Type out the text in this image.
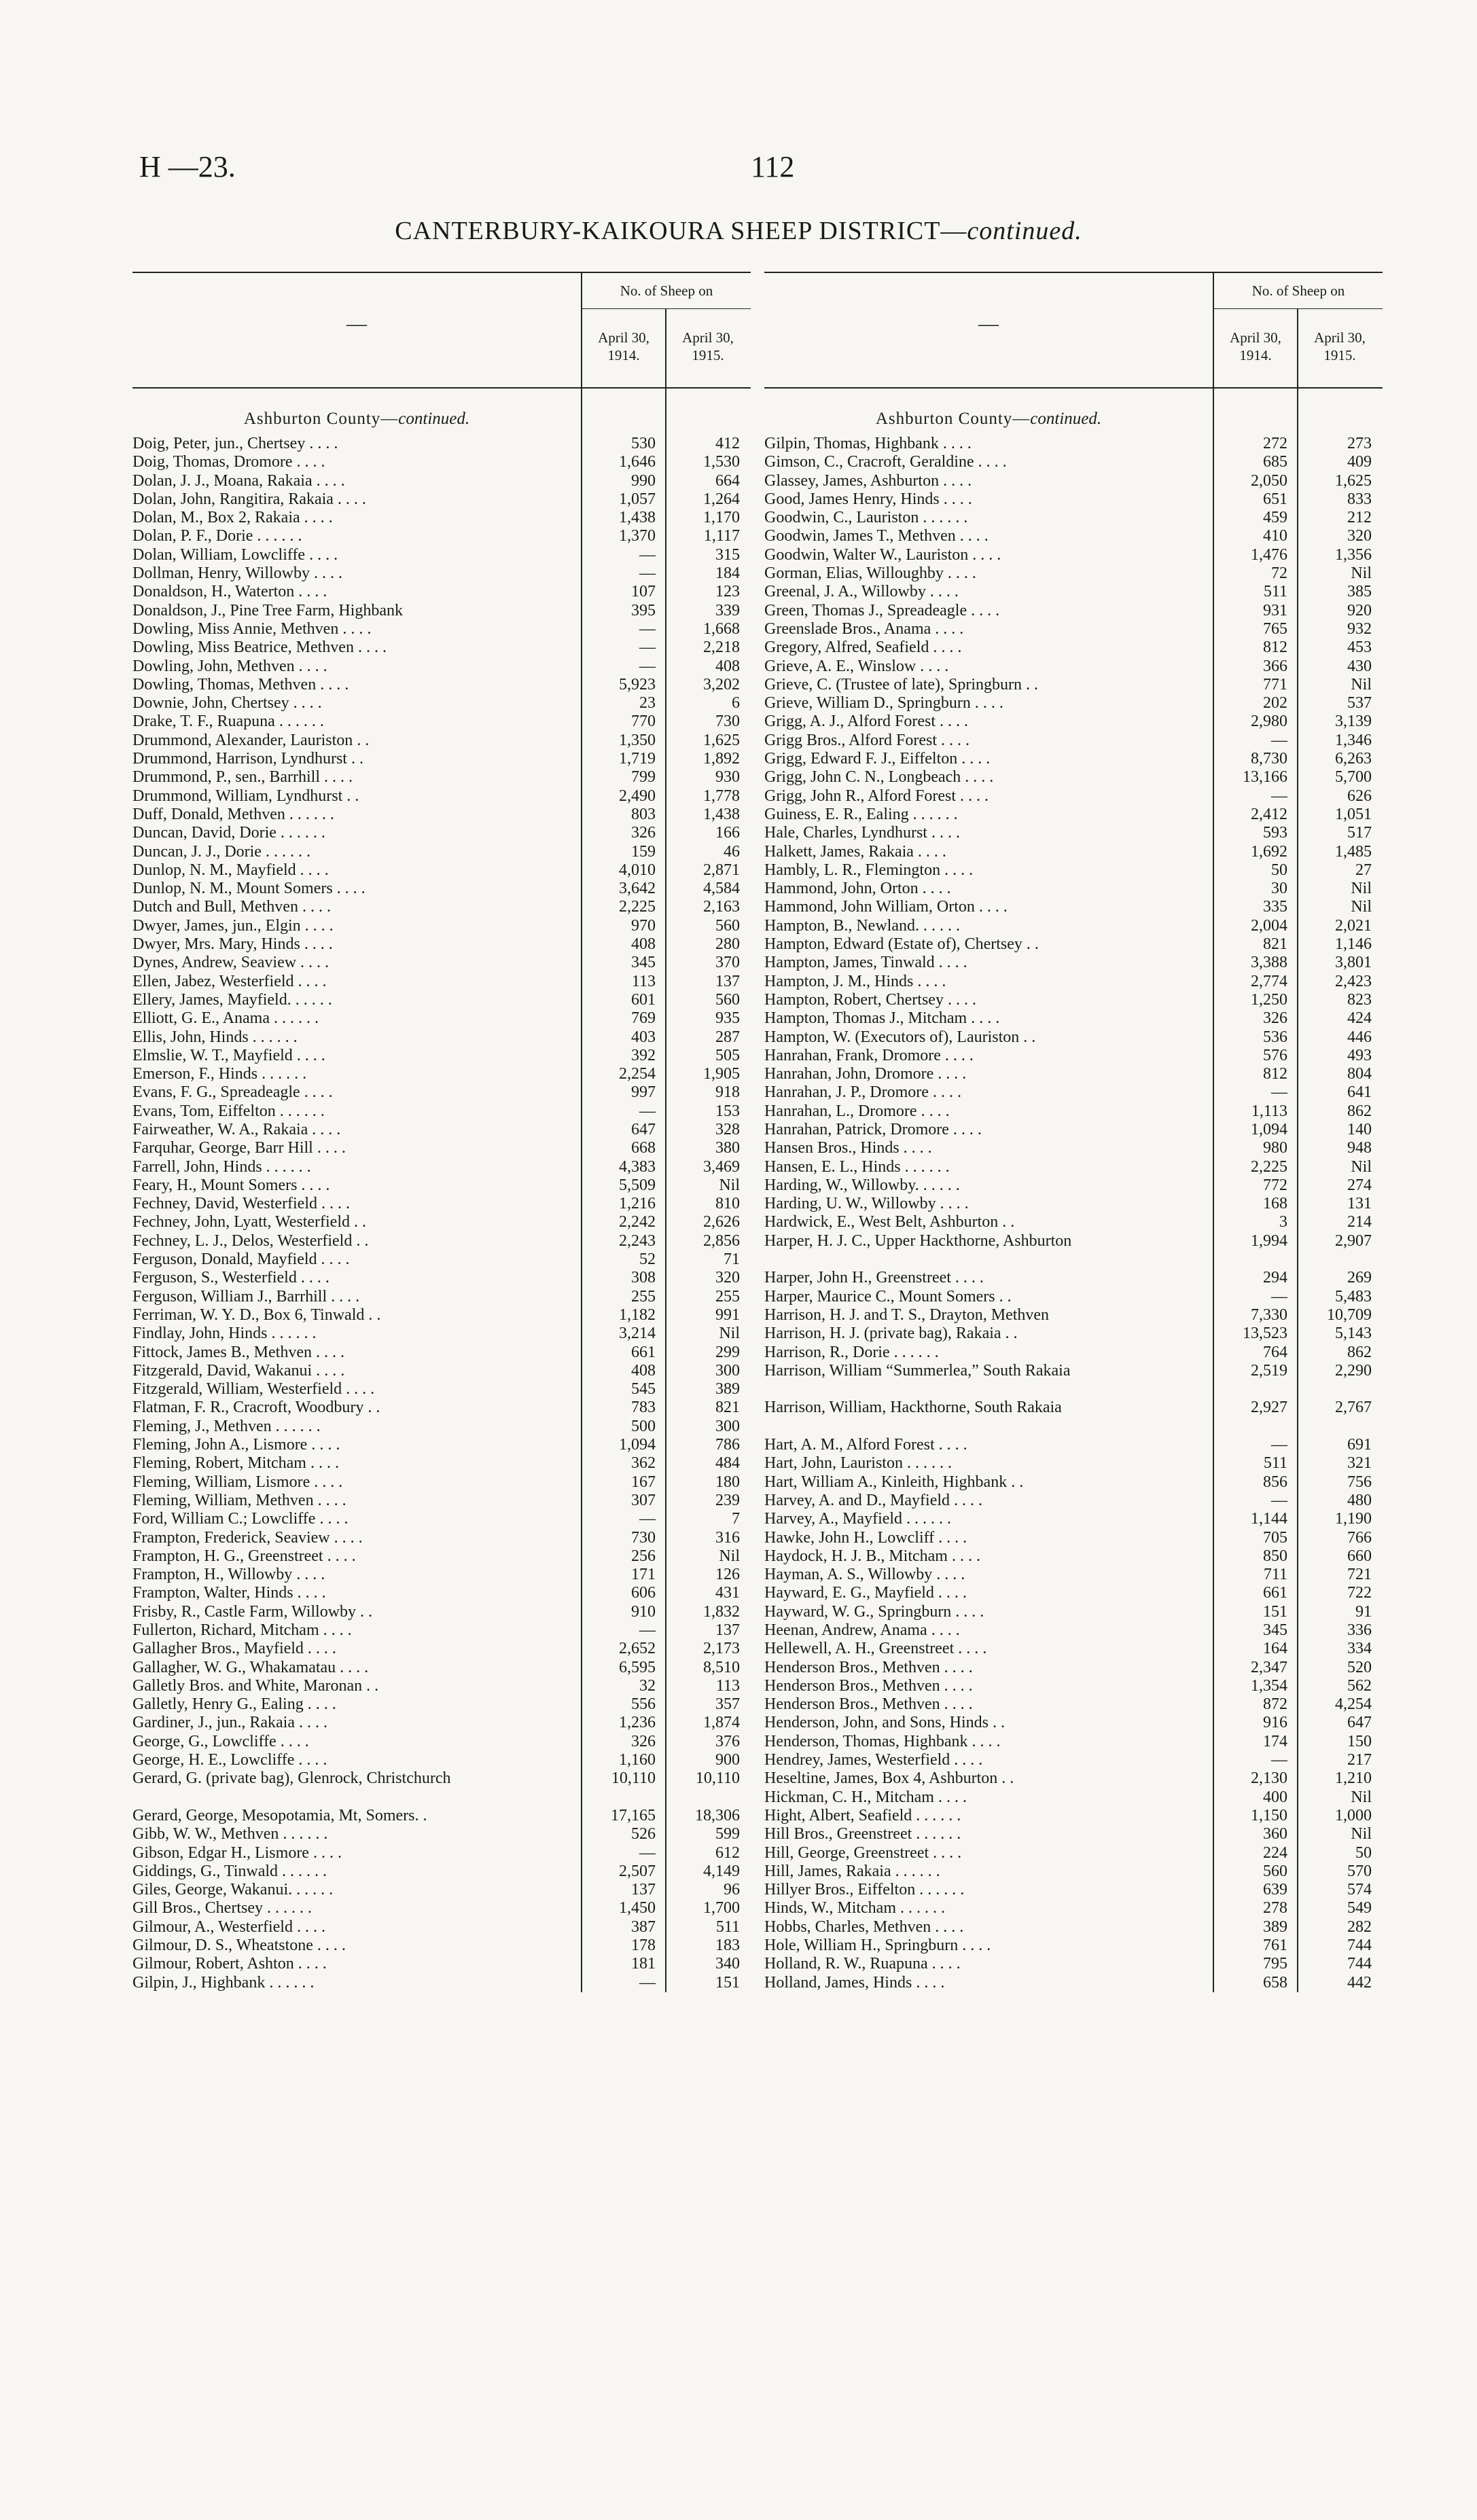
H —23.	112
CANTERBURY-KAIKOURA SHEEP DISTRICT—continued.
—
No. of Sheep on
April 30,
1914.
April 30,
1915.
Ashburton County—continued.
Doig, Peter, jun., Chertsey . . . .	530	412
Doig, Thomas, Dromore . . . .	1,646	1,530
Dolan, J. J., Moana, Rakaia . . . .	990	664
Dolan, John, Rangitira, Rakaia . . . .	1,057	1,264
Dolan, M., Box 2, Rakaia . . . .	1,438	1,170
Dolan, P. F., Dorie . . . . . .	1,370	1,117
Dolan, William, Lowcliffe . . . .	—	315
Dollman, Henry, Willowby . . . .	—	184
Donaldson, H., Waterton . . . .	107	123
Donaldson, J., Pine Tree Farm, Highbank	395	339
Dowling, Miss Annie, Methven . . . .	—	1,668
Dowling, Miss Beatrice, Methven . . . .	—	2,218
Dowling, John, Methven . . . .	—	408
Dowling, Thomas, Methven . . . .	5,923	3,202
Downie, John, Chertsey . . . .	23	6
Drake, T. F., Ruapuna . . . . . .	770	730
Drummond, Alexander, Lauriston . .	1,350	1,625
Drummond, Harrison, Lyndhurst . .	1,719	1,892
Drummond, P., sen., Barrhill . . . .	799	930
Drummond, William, Lyndhurst . .	2,490	1,778
Duff, Donald, Methven . . . . . .	803	1,438
Duncan, David, Dorie . . . . . .	326	166
Duncan, J. J., Dorie . . . . . .	159	46
Dunlop, N. M., Mayfield . . . .	4,010	2,871
Dunlop, N. M., Mount Somers . . . .	3,642	4,584
Dutch and Bull, Methven . . . .	2,225	2,163
Dwyer, James, jun., Elgin . . . .	970	560
Dwyer, Mrs. Mary, Hinds . . . .	408	280
Dynes, Andrew, Seaview . . . .	345	370
Ellen, Jabez, Westerfield . . . .	113	137
Ellery, James, Mayfield. . . . . .	601	560
Elliott, G. E., Anama . . . . . .	769	935
Ellis, John, Hinds . . . . . .	403	287
Elmslie, W. T., Mayfield . . . .	392	505
Emerson, F., Hinds . . . . . .	2,254	1,905
Evans, F. G., Spreadeagle . . . .	997	918
Evans, Tom, Eiffelton . . . . . .	—	153
Fairweather, W. A., Rakaia . . . .	647	328
Farquhar, George, Barr Hill . . . .	668	380
Farrell, John, Hinds . . . . . .	4,383	3,469
Feary, H., Mount Somers . . . .	5,509	Nil
Fechney, David, Westerfield . . . .	1,216	810
Fechney, John, Lyatt, Westerfield . .	2,242	2,626
Fechney, L. J., Delos, Westerfield . .	2,243	2,856
Ferguson, Donald, Mayfield . . . .	52	71
Ferguson, S., Westerfield . . . .	308	320
Ferguson, William J., Barrhill . . . .	255	255
Ferriman, W. Y. D., Box 6, Tinwald . .	1,182	991
Findlay, John, Hinds . . . . . .	3,214	Nil
Fittock, James B., Methven . . . .	661	299
Fitzgerald, David, Wakanui . . . .	408	300
Fitzgerald, William, Westerfield . . . .	545	389
Flatman, F. R., Cracroft, Woodbury . .	783	821
Fleming, J., Methven . . . . . .	500	300
Fleming, John A., Lismore . . . .	1,094	786
Fleming, Robert, Mitcham . . . .	362	484
Fleming, William, Lismore . . . .	167	180
Fleming, William, Methven . . . .	307	239
Ford, William C.; Lowcliffe . . . .	—	7
Frampton, Frederick, Seaview . . . .	730	316
Frampton, H. G., Greenstreet . . . .	256	Nil
Frampton, H., Willowby . . . .	171	126
Frampton, Walter, Hinds . . . .	606	431
Frisby, R., Castle Farm, Willowby . .	910	1,832
Fullerton, Richard, Mitcham . . . .	—	137
Gallagher Bros., Mayfield . . . .	2,652	2,173
Gallagher, W. G., Whakamatau . . . .	6,595	8,510
Galletly Bros. and White, Maronan . .	32	113
Galletly, Henry G., Ealing . . . .	556	357
Gardiner, J., jun., Rakaia . . . .	1,236	1,874
George, G., Lowcliffe . . . .	326	376
George, H. E., Lowcliffe . . . .	1,160	900
Gerard, G. (private bag), Glenrock, Christchurch	10,110	10,110
Gerard, George, Mesopotamia, Mt, Somers. .	17,165	18,306
Gibb, W. W., Methven . . . . . .	526	599
Gibson, Edgar H., Lismore . . . .	—	612
Giddings, G., Tinwald . . . . . .	2,507	4,149
Giles, George, Wakanui. . . . . .	137	96
Gill Bros., Chertsey . . . . . .	1,450	1,700
Gilmour, A., Westerfield . . . .	387	511
Gilmour, D. S., Wheatstone . . . .	178	183
Gilmour, Robert, Ashton . . . .	181	340
Gilpin, J., Highbank . . . . . .	—	151
—
No. of Sheep on
April 30,
1914.
April 30,
1915.
Ashburton County—continued.
Gilpin, Thomas, Highbank . . . .	272	273
Gimson, C., Cracroft, Geraldine . . . .	685	409
Glassey, James, Ashburton . . . .	2,050	1,625
Good, James Henry, Hinds . . . .	651	833
Goodwin, C., Lauriston . . . . . .	459	212
Goodwin, James T., Methven . . . .	410	320
Goodwin, Walter W., Lauriston . . . .	1,476	1,356
Gorman, Elias, Willoughby . . . .	72	Nil
Greenal, J. A., Willowby . . . .	511	385
Green, Thomas J., Spreadeagle . . . .	931	920
Greenslade Bros., Anama . . . .	765	932
Gregory, Alfred, Seafield . . . .	812	453
Grieve, A. E., Winslow . . . .	366	430
Grieve, C. (Trustee of late), Springburn . .	771	Nil
Grieve, William D., Springburn . . . .	202	537
Grigg, A. J., Alford Forest . . . .	2,980	3,139
Grigg Bros., Alford Forest . . . .	—	1,346
Grigg, Edward F. J., Eiffelton . . . .	8,730	6,263
Grigg, John C. N., Longbeach . . . .	13,166	5,700
Grigg, John R., Alford Forest . . . .	—	626
Guiness, E. R., Ealing . . . . . .	2,412	1,051
Hale, Charles, Lyndhurst . . . .	593	517
Halkett, James, Rakaia . . . .	1,692	1,485
Hambly, L. R., Flemington . . . .	50	27
Hammond, John, Orton . . . .	30	Nil
Hammond, John William, Orton . . . .	335	Nil
Hampton, B., Newland. . . . . .	2,004	2,021
Hampton, Edward (Estate of), Chertsey . .	821	1,146
Hampton, James, Tinwald . . . .	3,388	3,801
Hampton, J. M., Hinds . . . .	2,774	2,423
Hampton, Robert, Chertsey . . . .	1,250	823
Hampton, Thomas J., Mitcham . . . .	326	424
Hampton, W. (Executors of), Lauriston . .	536	446
Hanrahan, Frank, Dromore . . . .	576	493
Hanrahan, John, Dromore . . . .	812	804
Hanrahan, J. P., Dromore . . . .	—	641
Hanrahan, L., Dromore . . . .	1,113	862
Hanrahan, Patrick, Dromore . . . .	1,094	140
Hansen Bros., Hinds . . . .	980	948
Hansen, E. L., Hinds . . . . . .	2,225	Nil
Harding, W., Willowby. . . . . .	772	274
Harding, U. W., Willowby . . . .	168	131
Hardwick, E., West Belt, Ashburton . .	3	214
Harper, H. J. C., Upper Hackthorne, Ashburton	1,994	2,907
Harper, John H., Greenstreet . . . .	294	269
Harper, Maurice C., Mount Somers . .	—	5,483
Harrison, H. J. and T. S., Drayton, Methven	7,330	10,709
Harrison, H. J. (private bag), Rakaia . .	13,523	5,143
Harrison, R., Dorie . . . . . .	764	862
Harrison, William “Summerlea,” South Rakaia	2,519	2,290
Harrison, William, Hackthorne, South Rakaia	2,927	2,767
Hart, A. M., Alford Forest . . . .	—	691
Hart, John, Lauriston . . . . . .	511	321
Hart, William A., Kinleith, Highbank . .	856	756
Harvey, A. and D., Mayfield . . . .	—	480
Harvey, A., Mayfield . . . . . .	1,144	1,190
Hawke, John H., Lowcliff . . . .	705	766
Haydock, H. J. B., Mitcham . . . .	850	660
Hayman, A. S., Willowby . . . .	711	721
Hayward, E. G., Mayfield . . . .	661	722
Hayward, W. G., Springburn . . . .	151	91
Heenan, Andrew, Anama . . . .	345	336
Hellewell, A. H., Greenstreet . . . .	164	334
Henderson Bros., Methven . . . .	2,347	520
Henderson Bros., Methven . . . .	1,354	562
Henderson Bros., Methven . . . .	872	4,254
Henderson, John, and Sons, Hinds . .	916	647
Henderson, Thomas, Highbank . . . .	174	150
Hendrey, James, Westerfield . . . .	—	217
Heseltine, James, Box 4, Ashburton . .	2,130	1,210
Hickman, C. H., Mitcham . . . .	400	Nil
Hight, Albert, Seafield . . . . . .	1,150	1,000
Hill Bros., Greenstreet . . . . . .	360	Nil
Hill, George, Greenstreet . . . .	224	50
Hill, James, Rakaia . . . . . .	560	570
Hillyer Bros., Eiffelton . . . . . .	639	574
Hinds, W., Mitcham . . . . . .	278	549
Hobbs, Charles, Methven . . . .	389	282
Hole, William H., Springburn . . . .	761	744
Holland, R. W., Ruapuna . . . .	795	744
Holland, James, Hinds . . . .	658	442
